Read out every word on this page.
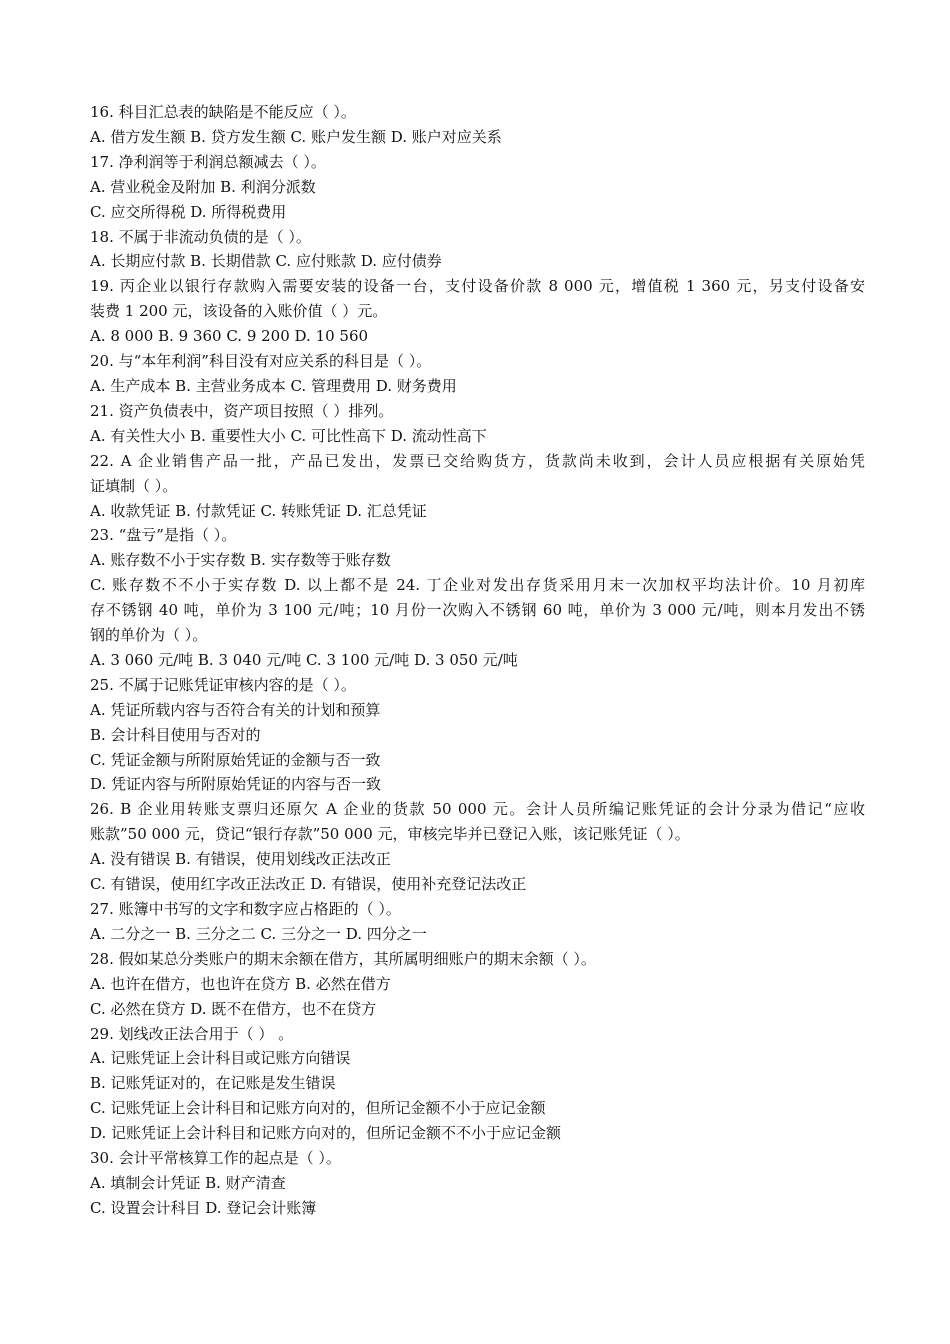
16. 科目汇总表的缺陷是不能反应（ ）。
A. 借方发生额 B. 贷方发生额 C. 账户发生额 D. 账户对应关系
17. 净利润等于利润总额减去（ ）。
A. 营业税金及附加 B. 利润分派数
C. 应交所得税 D. 所得税费用
18. 不属于非流动负债的是（ ）。
A. 长期应付款 B. 长期借款 C. 应付账款 D. 应付债券
19. 丙企业以银行存款购入需要安装的设备一台，支付设备价款 8 000 元，增值税 1 360 元，另支付设备安
装费 1 200 元，该设备的入账价值（ ）元。
A. 8 000 B. 9 360 C. 9 200 D. 10 560
20. 与“本年利润”科目没有对应关系的科目是（ ）。
A. 生产成本 B. 主营业务成本 C. 管理费用 D. 财务费用
21. 资产负债表中，资产项目按照（ ）排列。
A. 有关性大小 B. 重要性大小 C. 可比性高下 D. 流动性高下
22. A 企业销售产品一批，产品已发出，发票已交给购货方，货款尚未收到，会计人员应根据有关原始凭
证填制（ ）。
A. 收款凭证 B. 付款凭证 C. 转账凭证 D. 汇总凭证
23. “盘亏”是指（ ）。
A. 账存数不小于实存数 B. 实存数等于账存数
C. 账存数不不小于实存数 D. 以上都不是 24. 丁企业对发出存货采用月末一次加权平均法计价。10 月初库
存不锈钢 40 吨，单价为 3 100 元/吨；10 月份一次购入不锈钢 60 吨，单价为 3 000 元/吨，则本月发出不锈
钢的单价为（ ）。
A. 3 060 元/吨 B. 3 040 元/吨 C. 3 100 元/吨 D. 3 050 元/吨
25. 不属于记账凭证审核内容的是（ ）。
A. 凭证所载内容与否符合有关的计划和预算
B. 会计科目使用与否对的
C. 凭证金额与所附原始凭证的金额与否一致
D. 凭证内容与所附原始凭证的内容与否一致
26. B 企业用转账支票归还原欠 A 企业的货款 50 000 元。会计人员所编记账凭证的会计分录为借记“应收
账款”50 000 元，贷记“银行存款”50 000 元，审核完毕并已登记入账，该记账凭证（ ）。
A. 没有错误 B. 有错误，使用划线改正法改正
C. 有错误，使用红字改正法改正 D. 有错误，使用补充登记法改正
27. 账簿中书写的文字和数字应占格距的（ ）。
A. 二分之一 B. 三分之二 C. 三分之一 D. 四分之一
28. 假如某总分类账户的期末余额在借方，其所属明细账户的期末余额（ ）。
A. 也许在借方，也也许在贷方 B. 必然在借方
C. 必然在贷方 D. 既不在借方，也不在贷方
29. 划线改正法合用于（ ） 。
A. 记账凭证上会计科目或记账方向错误
B. 记账凭证对的，在记账是发生错误
C. 记账凭证上会计科目和记账方向对的，但所记金额不小于应记金额
D. 记账凭证上会计科目和记账方向对的，但所记金额不不小于应记金额
30. 会计平常核算工作的起点是（ ）。
A. 填制会计凭证 B. 财产清查
C. 设置会计科目 D. 登记会计账簿
